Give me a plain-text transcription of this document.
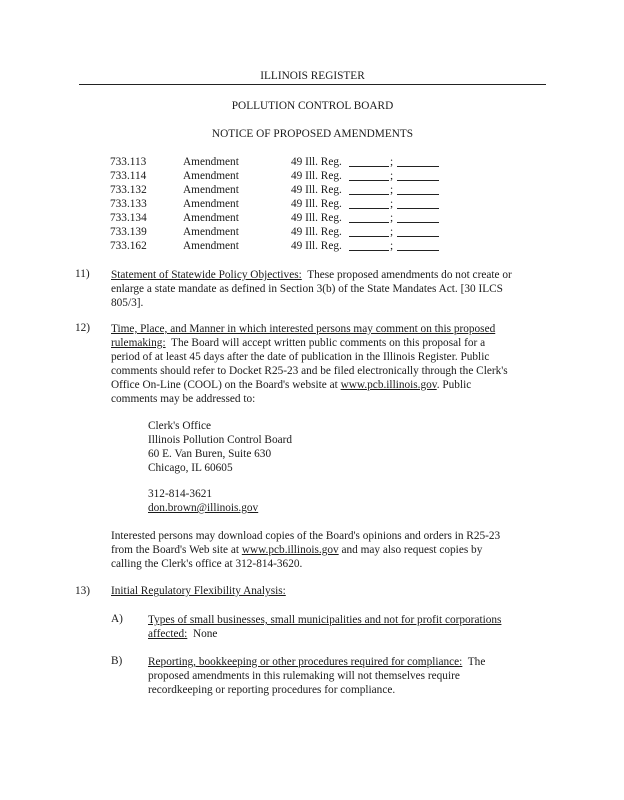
ILLINOIS REGISTER
POLLUTION CONTROL BOARD
NOTICE OF PROPOSED AMENDMENTS
733.113	Amendment	49 Ill. Reg.	;
733.114	Amendment	49 Ill. Reg.	;
733.132	Amendment	49 Ill. Reg.	;
733.133	Amendment	49 Ill. Reg.	;
733.134	Amendment	49 Ill. Reg.	;
733.139	Amendment	49 Ill. Reg.	;
733.162	Amendment	49 Ill. Reg.	;
11) Statement of Statewide Policy Objectives: These proposed amendments do not create or
enlarge a state mandate as defined in Section 3(b) of the State Mandates Act. [30 ILCS
805/3].
12) Time, Place, and Manner in which interested persons may comment on this proposed
rulemaking: The Board will accept written public comments on this proposal for a
period of at least 45 days after the date of publication in the Illinois Register. Public
comments should refer to Docket R25-23 and be filed electronically through the Clerk's
Office On-Line (COOL) on the Board's website at www.pcb.illinois.gov. Public
comments may be addressed to:
Clerk's Office
Illinois Pollution Control Board
60 E. Van Buren, Suite 630
Chicago, IL 60605
312-814-3621
don.brown@illinois.gov
Interested persons may download copies of the Board's opinions and orders in R25-23
from the Board's Web site at www.pcb.illinois.gov and may also request copies by
calling the Clerk's office at 312-814-3620.
13) Initial Regulatory Flexibility Analysis:
A) Types of small businesses, small municipalities and not for profit corporations
affected: None
B) Reporting, bookkeeping or other procedures required for compliance: The
proposed amendments in this rulemaking will not themselves require
recordkeeping or reporting procedures for compliance.
